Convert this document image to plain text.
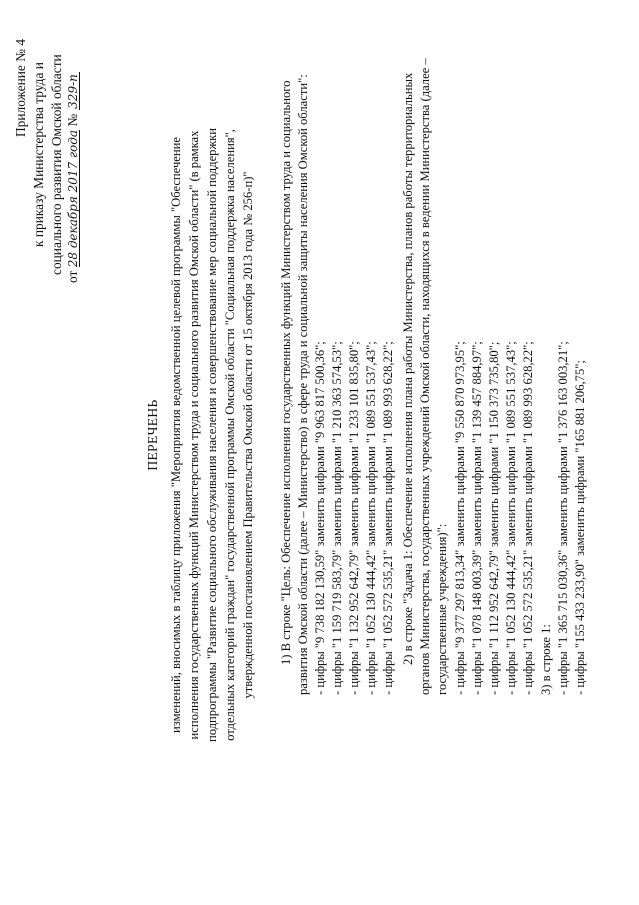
Приложение № 4 к приказу Министерства труда и социального развития Омской области
от 28 декабря 2017 года № 329-п
ПЕРЕЧЕНЬ изменений, вносимых в таблицу приложения "Мероприятия ведомственной целевой программы "Обеспечение исполнения государственных функций Министерством труда и социального развития Омской области" (в рамках подпрограммы "Развитие социального обслуживания населения и совершенствование мер социальной поддержки отдельных категорий граждан" государственной программы Омской области "Социальная поддержка населения", утвержденной постановлением Правительства Омской области от 15 октября 2013 года № 256-п)" 1) В строке "Цель: Обеспечение исполнения государственных функций Министерством труда и социального развития Омской области (далее – Министерство) в сфере труда и социальной защиты населения Омской области": - цифры "9 738 182 130,59" заменить цифрами "9 963 817 500,36"; - цифры "1 159 719 583,79" заменить цифрами "1 210 363 574,53"; - цифры "1 132 952 642,79" заменить цифрами "1 233 101 835,80"; - цифры "1 052 130 444,42" заменить цифрами "1 089 551 537,43"; - цифры "1 052 572 535,21" заменить цифрами "1 089 993 628,22"; 2) в строке "Задача 1: Обеспечение исполнения плана работы Министерства, планов работы территориальных органов Министерства, государственных учреждений Омской области, находящихся в ведении Министерства (далее – государственные учреждения)": - цифры "9 377 297 813,34" заменить цифрами "9 550 870 973,95"; - цифры "1 078 148 003,39" заменить цифрами "1 139 457 884,97"; - цифры "1 112 952 642,79" заменить цифрами "1 150 373 735,80"; - цифры "1 052 130 444,42" заменить цифрами "1 089 551 537,43"; - цифры "1 052 572 535,21" заменить цифрами "1 089 993 628,22"; 3) в строке 1: - цифры "1 365 715 030,36" заменить цифрами "1 376 163 003,21"; - цифры "155 433 233,90" заменить цифрами "165 881 206,75";
